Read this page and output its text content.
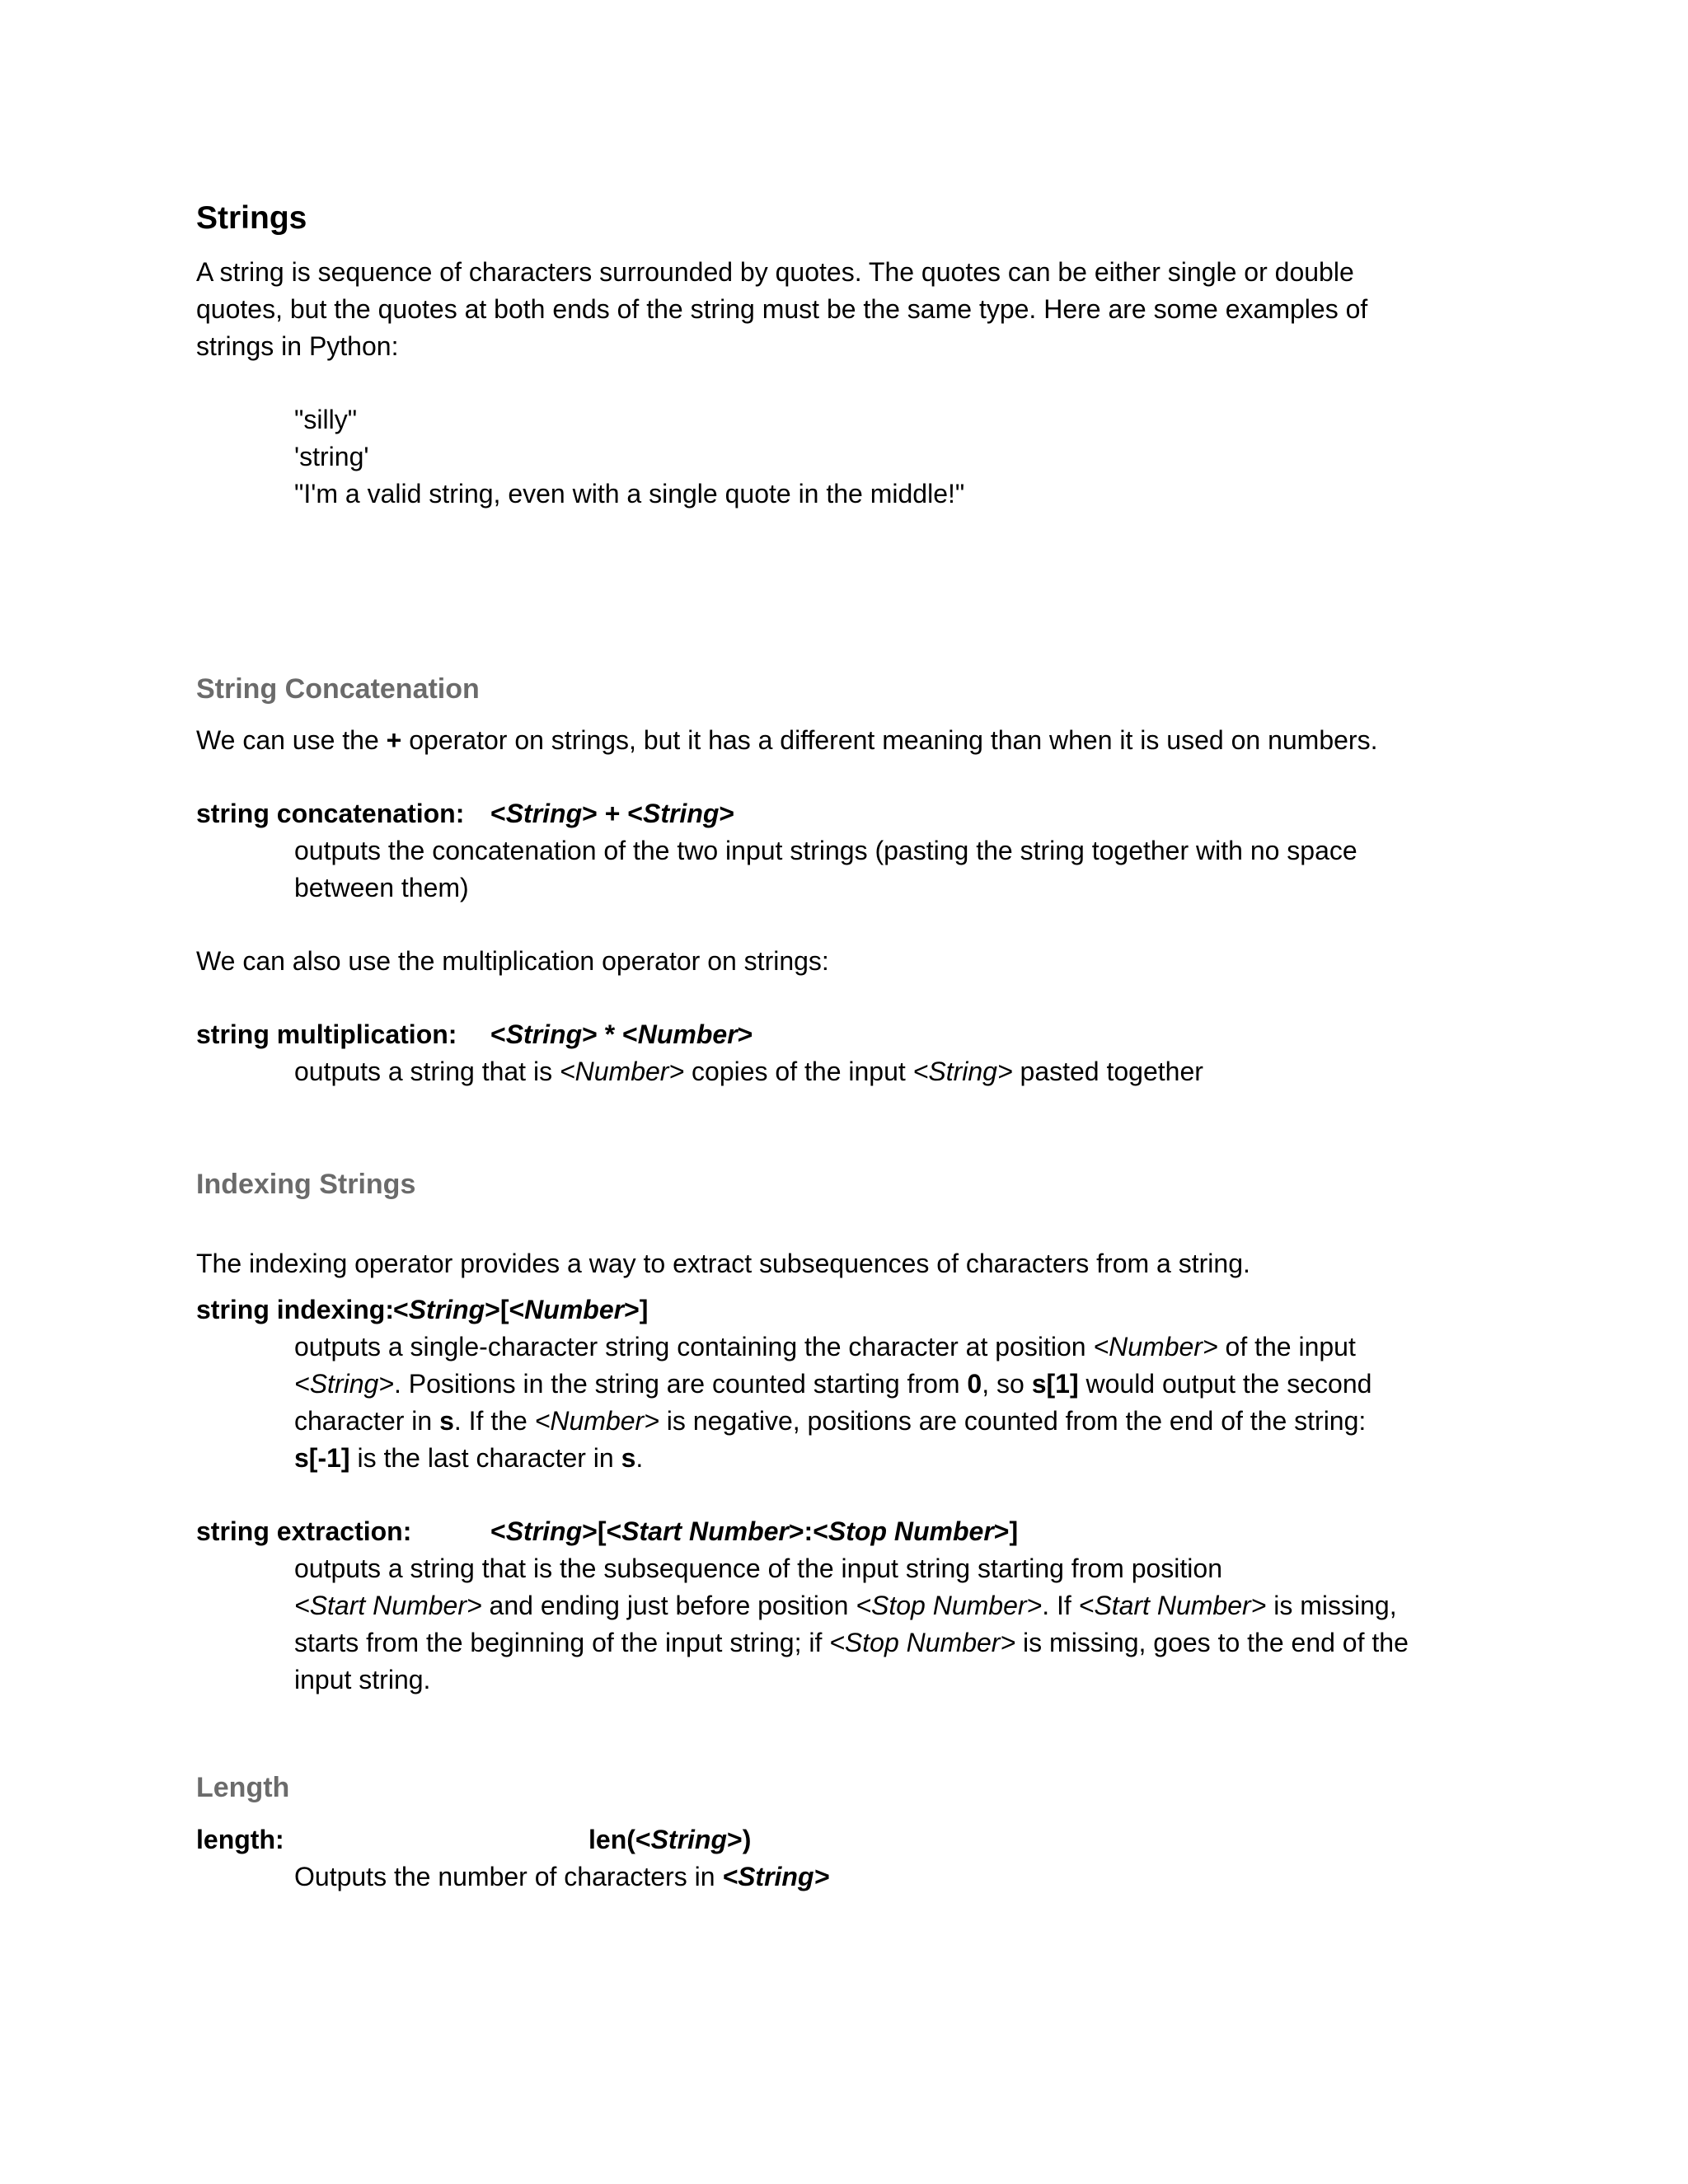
Strings
A string is sequence of characters surrounded by quotes. The quotes can be either single or double
quotes, but the quotes at both ends of the string must be the same type. Here are some examples of
strings in Python:
"silly"
'string'
"I'm a valid string, even with a single quote in the middle!"
String Concatenation
We can use the + operator on strings, but it has a different meaning than when it is used on numbers.
string concatenation: <String> + <String>
outputs the concatenation of the two input strings (pasting the string together with no space
between them)
We can also use the multiplication operator on strings:
string multiplication: <String> * <Number>
outputs a string that is <Number> copies of the input <String> pasted together
Indexing Strings
The indexing operator provides a way to extract subsequences of characters from a string.
string indexing: <String>[<Number>]
outputs a single-character string containing the character at position <Number> of the input
<String>. Positions in the string are counted starting from 0, so s[1] would output the second
character in s. If the <Number> is negative, positions are counted from the end of the string:
s[-1] is the last character in s.
string extraction:	<String>[<Start Number>:<Stop Number>]
outputs a string that is the subsequence of the input string starting from position
<Start Number> and ending just before position <Stop Number>. If <Start Number> is missing,
starts from the beginning of the input string; if <Stop Number> is missing, goes to the end of the
input string.
Length
length:	len(<String>)
Outputs the number of characters in <String>
